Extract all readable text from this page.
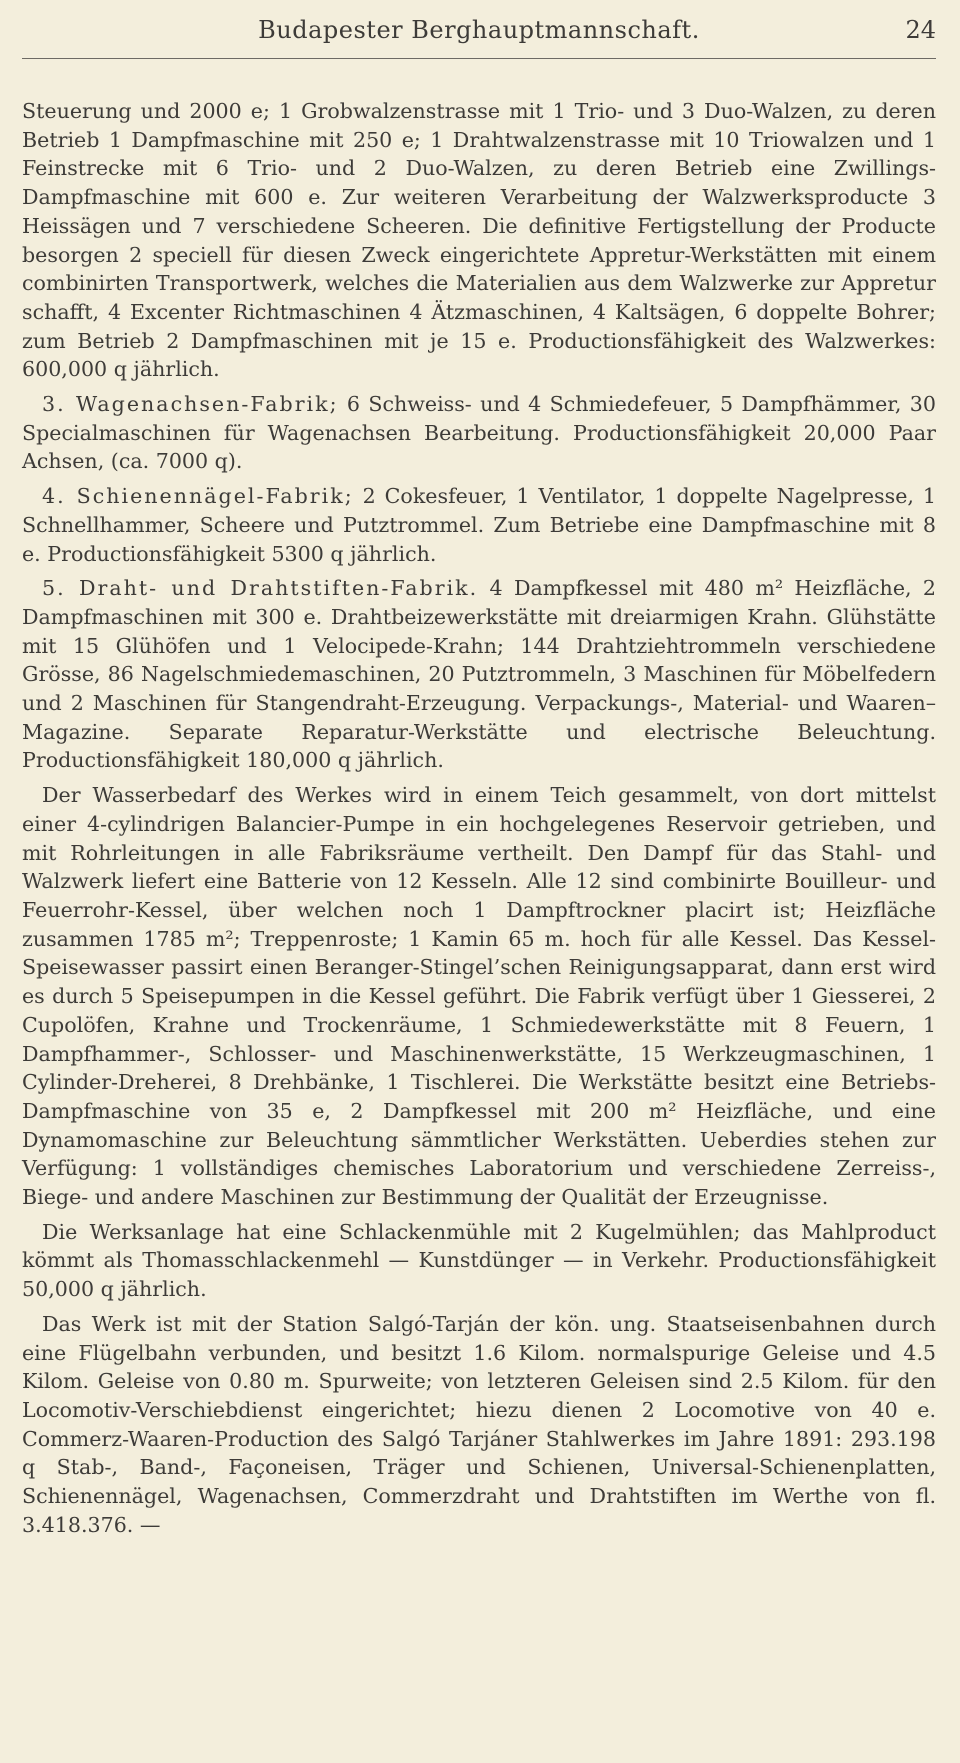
Budapester Berghauptmannschaft.	24

Steuerung und 2000 e; 1 Grobwalzenstrasse mit 1 Trio- und 3 Duo-Walzen, zu deren Betrieb 1 Dampfmaschine mit 250 e; 1 Drahtwalzenstrasse mit 10 Triowalzen und 1 Feinstrecke mit 6 Trio- und 2 Duo-Walzen, zu deren Betrieb eine Zwillings-Dampfmaschine mit 600 e. Zur weiteren Verarbeitung der Walzwerksproducte 3 Heissägen und 7 verschiedene Scheeren. Die definitive Fertigstellung der Producte besorgen 2 speciell für diesen Zweck eingerichtete Appretur-Werkstätten mit einem combinirten Transportwerk, welches die Materialien aus dem Walzwerke zur Appretur schafft, 4 Excenter Richtmaschinen 4 Ätzmaschinen, 4 Kaltsägen, 6 doppelte Bohrer; zum Betrieb 2 Dampfmaschinen mit je 15 e. Productionsfähigkeit des Walzwerkes: 600,000 q jährlich.

3. Wagenachsen-Fabrik; 6 Schweiss- und 4 Schmiedefeuer, 5 Dampfhämmer, 30 Specialmaschinen für Wagenachsen Bearbeitung. Productionsfähigkeit 20,000 Paar Achsen, (ca. 7000 q).

4. Schienennägel-Fabrik; 2 Cokesfeuer, 1 Ventilator, 1 doppelte Nagelpresse, 1 Schnellhammer, Scheere und Putztrommel. Zum Betriebe eine Dampfmaschine mit 8 e. Productionsfähigkeit 5300 q jährlich.

5. Draht- und Drahtstiften-Fabrik. 4 Dampfkessel mit 480 m² Heizfläche, 2 Dampfmaschinen mit 300 e. Drahtbeizewerkstätte mit dreiarmigen Krahn. Glühstätte mit 15 Glühöfen und 1 Velocipede-Krahn; 144 Drahtziehtrommeln verschiedene Grösse, 86 Nagelschmiedemaschinen, 20 Putztrommeln, 3 Maschinen für Möbelfedern und 2 Maschinen für Stangendraht-Erzeugung. Verpackungs-, Material- und Waaren–Magazine. Separate Reparatur-Werkstätte und electrische Beleuchtung. Productionsfähigkeit 180,000 q jährlich.

Der Wasserbedarf des Werkes wird in einem Teich gesammelt, von dort mittelst einer 4-cylindrigen Balancier-Pumpe in ein hochgelegenes Reservoir getrieben, und mit Rohrleitungen in alle Fabriksräume vertheilt. Den Dampf für das Stahl- und Walzwerk liefert eine Batterie von 12 Kesseln. Alle 12 sind combinirte Bouilleur- und Feuerrohr-Kessel, über welchen noch 1 Dampftrockner placirt ist; Heizfläche zusammen 1785 m²; Treppenroste; 1 Kamin 65 m. hoch für alle Kessel. Das Kessel-Speisewasser passirt einen Beranger-Stingel’schen Reinigungsapparat, dann erst wird es durch 5 Speisepumpen in die Kessel geführt. Die Fabrik verfügt über 1 Giesserei, 2 Cupolöfen, Krahne und Trockenräume, 1 Schmiedewerkstätte mit 8 Feuern, 1 Dampfhammer-, Schlosser- und Maschinenwerkstätte, 15 Werkzeugmaschinen, 1 Cylinder-Dreherei, 8 Drehbänke, 1 Tischlerei. Die Werkstätte besitzt eine Betriebs-Dampfmaschine von 35 e, 2 Dampfkessel mit 200 m² Heizfläche, und eine Dynamomaschine zur Beleuchtung sämmtlicher Werkstätten. Ueberdies stehen zur Verfügung: 1 vollständiges chemisches Laboratorium und verschiedene Zerreiss-, Biege- und andere Maschinen zur Bestimmung der Qualität der Erzeugnisse.

Die Werksanlage hat eine Schlackenmühle mit 2 Kugelmühlen; das Mahlproduct kömmt als Thomasschlackenmehl — Kunstdünger — in Verkehr. Productionsfähigkeit 50,000 q jährlich.

Das Werk ist mit der Station Salgó-Tarján der kön. ung. Staatseisenbahnen durch eine Flügelbahn verbunden, und besitzt 1.6 Kilom. normalspurige Geleise und 4.5 Kilom. Geleise von 0.80 m. Spurweite; von letzteren Geleisen sind 2.5 Kilom. für den Locomotiv-Verschiebdienst eingerichtet; hiezu dienen 2 Locomotive von 40 e. Commerz-Waaren-Production des Salgó Tarjáner Stahlwerkes im Jahre 1891: 293.198 q Stab-, Band-, Façoneisen, Träger und Schienen, Universal-Schienenplatten, Schienennägel, Wagenachsen, Commerzdraht und Drahtstiften im Werthe von fl. 3.418.376. —
